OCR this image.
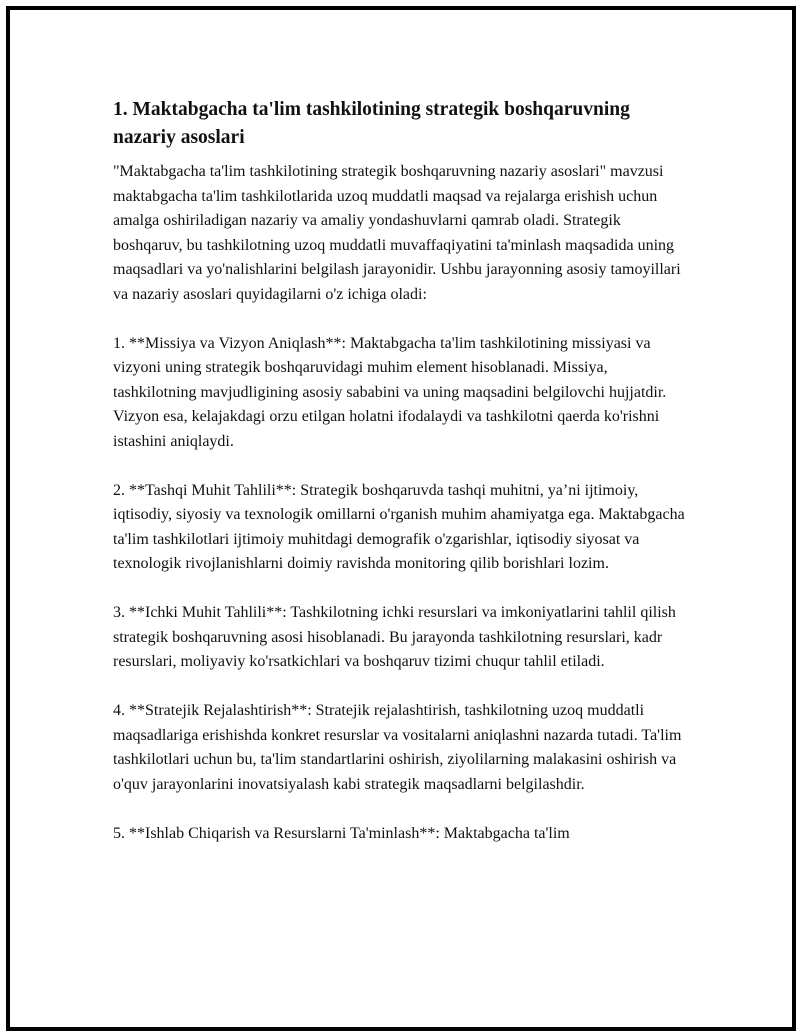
1. Maktabgacha ta'lim tashkilotining strategik boshqaruvning nazariy asoslari

"Maktabgacha ta'lim tashkilotining strategik boshqaruvning nazariy asoslari" mavzusi maktabgacha ta'lim tashkilotlarida uzoq muddatli maqsad va rejalarga erishish uchun amalga oshiriladigan nazariy va amaliy yondashuvlarni qamrab oladi. Strategik boshqaruv, bu tashkilotning uzoq muddatli muvaffaqiyatini ta'minlash maqsadida uning maqsadlari va yo'nalishlarini belgilash jarayonidir. Ushbu jarayonning asosiy tamoyillari va nazariy asoslari quyidagilarni o'z ichiga oladi:

1. **Missiya va Vizyon Aniqlash**: Maktabgacha ta'lim tashkilotining missiyasi va vizyoni uning strategik boshqaruvidagi muhim element hisoblanadi. Missiya, tashkilotning mavjudligining asosiy sababini va uning maqsadini belgilovchi hujjatdir. Vizyon esa, kelajakdagi orzu etilgan holatni ifodalaydi va tashkilotni qaerda ko'rishni istashini aniqlaydi.

2. **Tashqi Muhit Tahlili**: Strategik boshqaruvda tashqi muhitni, ya’ni ijtimoiy, iqtisodiy, siyosiy va texnologik omillarni o'rganish muhim ahamiyatga ega. Maktabgacha ta'lim tashkilotlari ijtimoiy muhitdagi demografik o'zgarishlar, iqtisodiy siyosat va texnologik rivojlanishlarni doimiy ravishda monitoring qilib borishlari lozim.

3. **Ichki Muhit Tahlili**: Tashkilotning ichki resurslari va imkoniyatlarini tahlil qilish strategik boshqaruvning asosi hisoblanadi. Bu jarayonda tashkilotning resurslari, kadr resurslari, moliyaviy ko'rsatkichlari va boshqaruv tizimi chuqur tahlil etiladi.

4. **Stratejik Rejalashtirish**: Stratejik rejalashtirish, tashkilotning uzoq muddatli maqsadlariga erishishda konkret resurslar va vositalarni aniqlashni nazarda tutadi. Ta'lim tashkilotlari uchun bu, ta'lim standartlarini oshirish, ziyolilarning malakasini oshirish va o'quv jarayonlarini inovatsiyalash kabi strategik maqsadlarni belgilashdir.

5. **Ishlab Chiqarish va Resurslarni Ta'minlash**: Maktabgacha ta'lim
